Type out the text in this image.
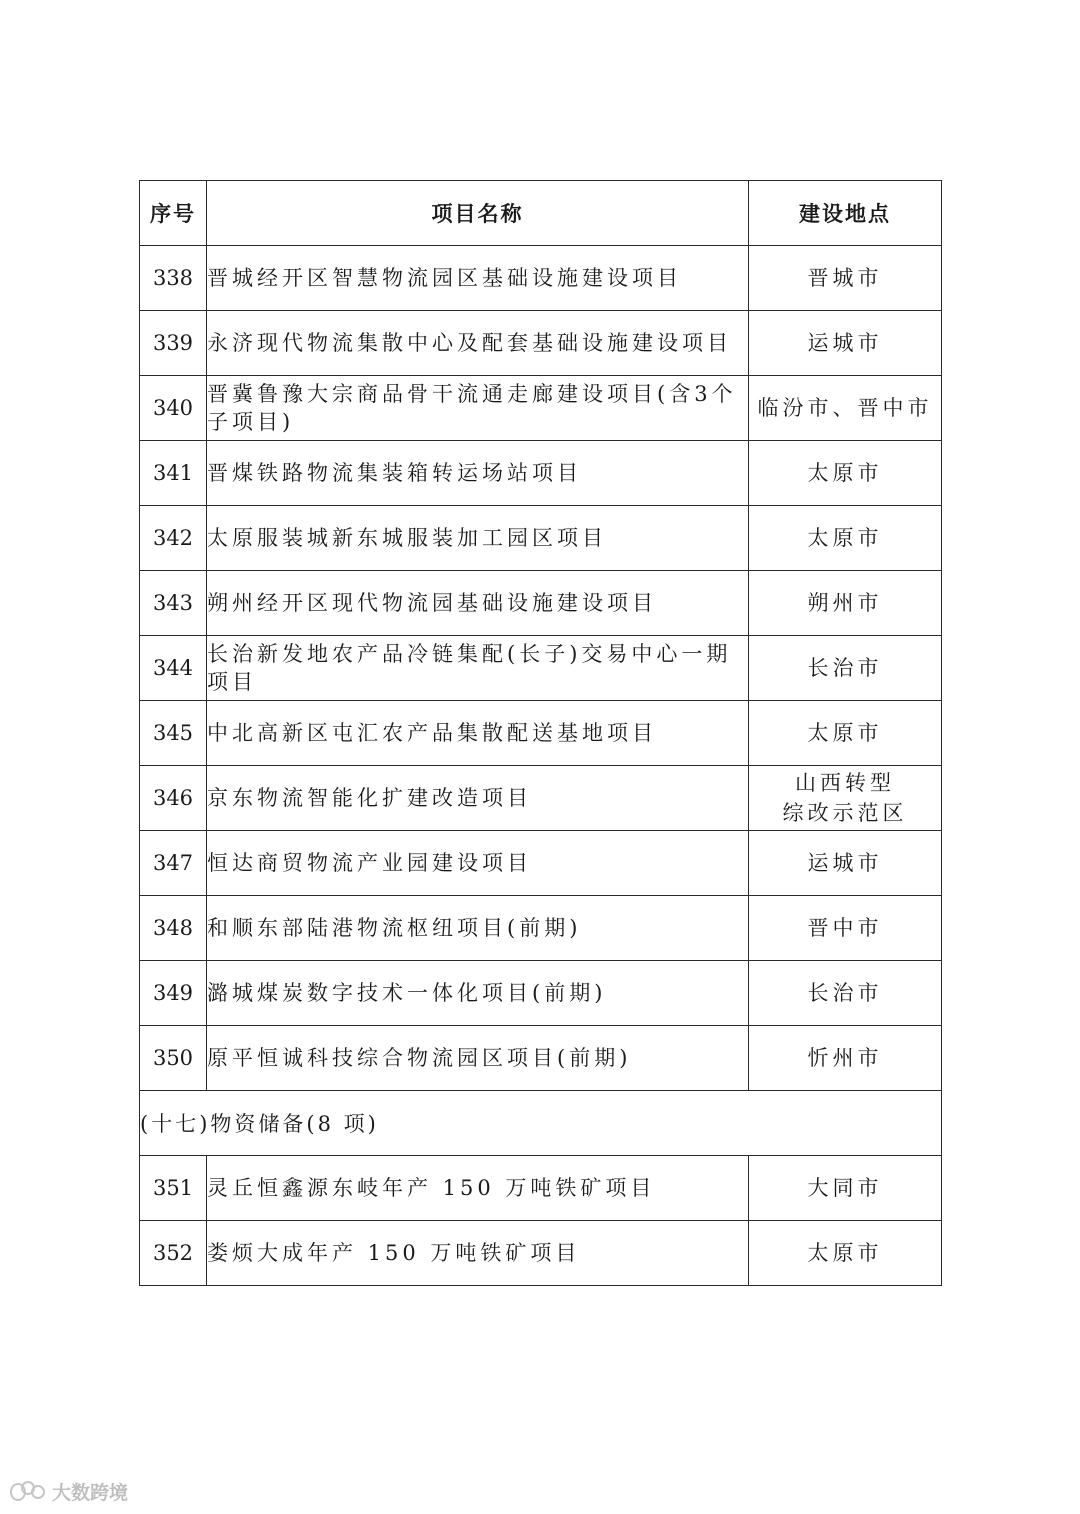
序号	项目名称	建设地点
338	晋城经开区智慧物流园区基础设施建设项目	晋城市

339	永济现代物流集散中心及配套基础设施建设项目	运城市

340	晋冀鲁豫大宗商品骨干流通走廊建设项目(含3个子项目)	临汾市、晋中市

341	晋煤铁路物流集装箱转运场站项目	太原市

342	太原服装城新东城服装加工园区项目	太原市

343	朔州经开区现代物流园基础设施建设项目	朔州市

344	长治新发地农产品冷链集配(长子)交易中心一期项目	长治市

345	中北高新区屯汇农产品集散配送基地项目	太原市

346	京东物流智能化扩建改造项目	山西转型
综改示范区

347	恒达商贸物流产业园建设项目	运城市

348	和顺东部陆港物流枢纽项目(前期)	晋中市

349	潞城煤炭数字技术一体化项目(前期)	长治市

350	原平恒诚科技综合物流园区项目(前期)	忻州市

(十七)物资储备(8 项)		
351	灵丘恒鑫源东岐年产 150 万吨铁矿项目	大同市

352	娄烦大成年产 150 万吨铁矿项目	太原市
大数跨境
